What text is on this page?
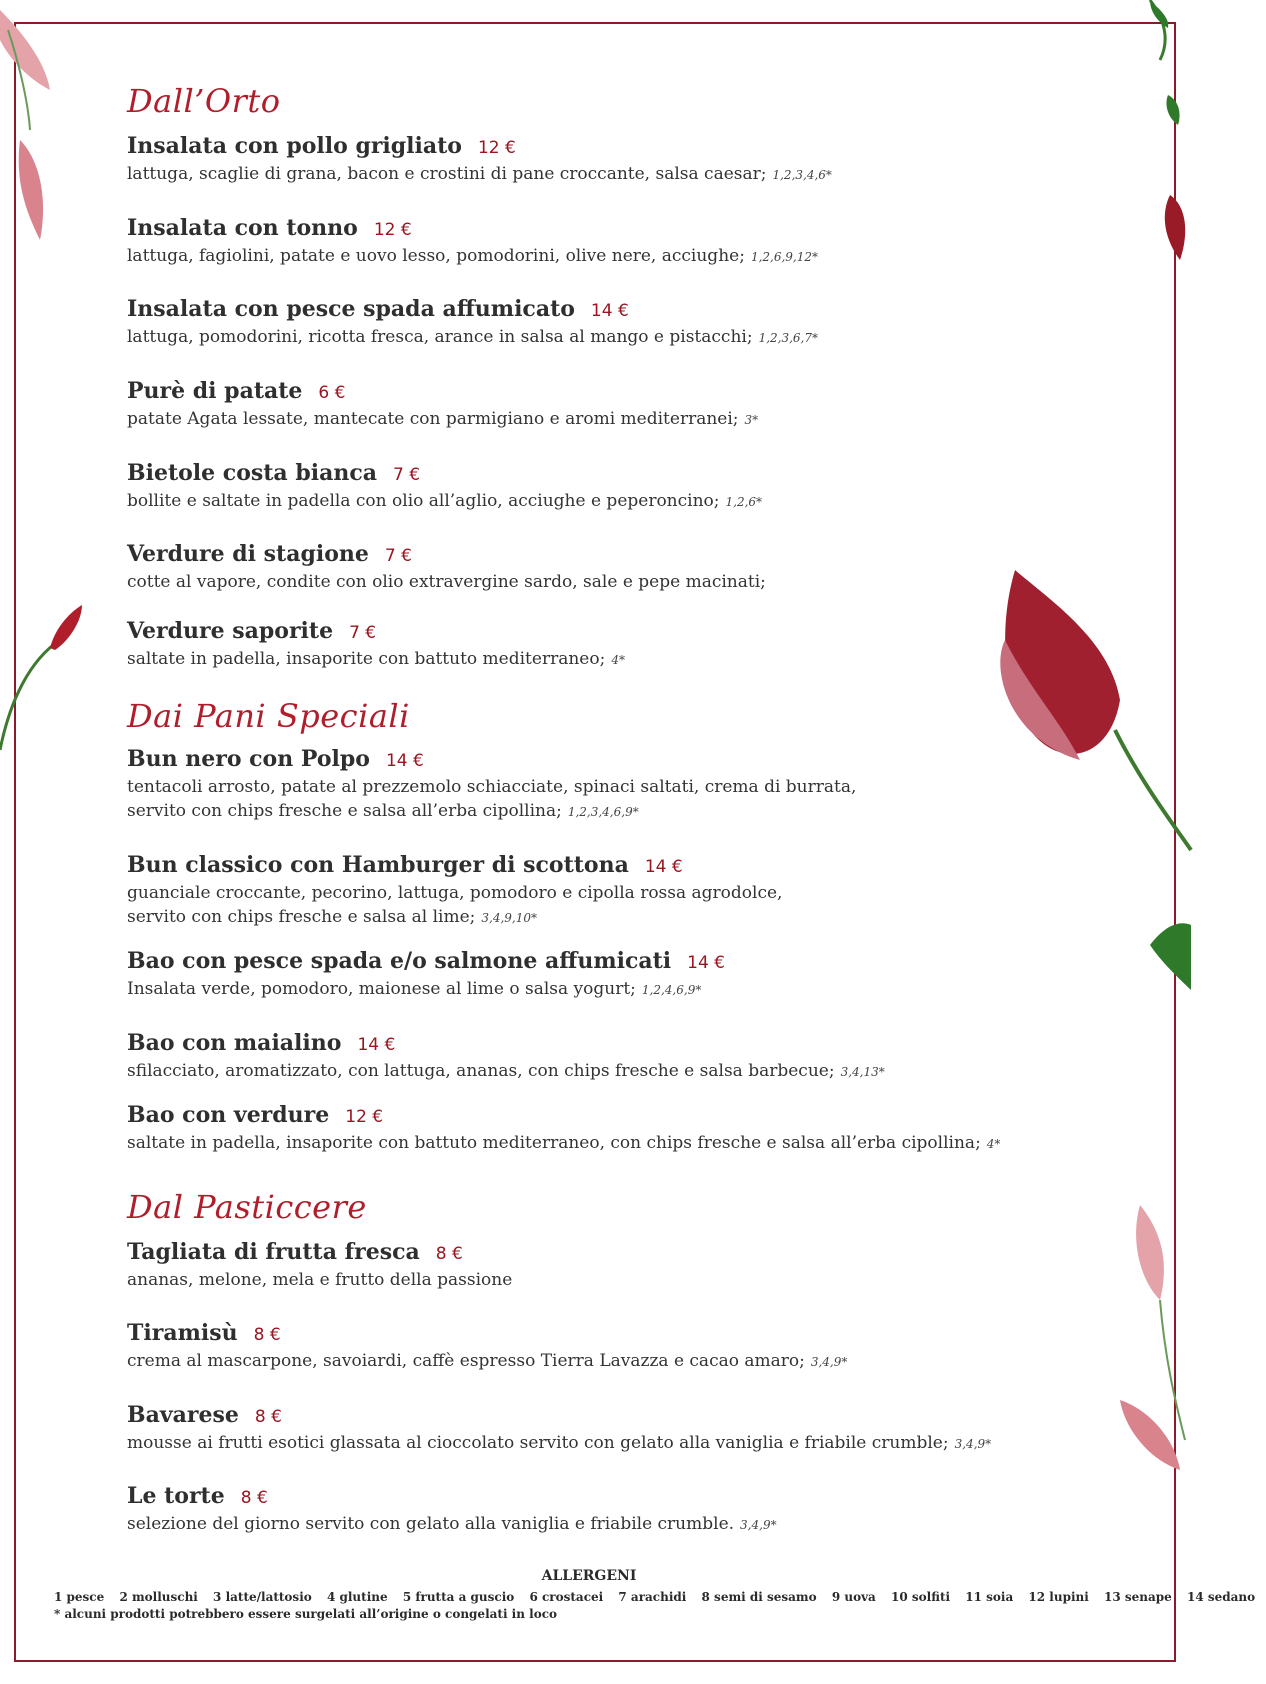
Dall’Orto
Insalata con pollo grigliato 12 €
lattuga, scaglie di grana, bacon e crostini di pane croccante, salsa caesar; 1,2,3,4,6*
Insalata con tonno 12 €
lattuga, fagiolini, patate e uovo lesso, pomodorini, olive nere, acciughe; 1,2,6,9,12*
Insalata con pesce spada affumicato 14 €
lattuga, pomodorini, ricotta fresca, arance in salsa al mango e pistacchi; 1,2,3,6,7*
Purè di patate 6 €
patate Agata lessate, mantecate con parmigiano e aromi mediterranei; 3*
Bietole costa bianca 7 €
bollite e saltate in padella con olio all’aglio, acciughe e peperoncino; 1,2,6*
Verdure di stagione 7 €
cotte al vapore, condite con olio extravergine sardo, sale e pepe macinati;
Verdure saporite 7 €
saltate in padella, insaporite con battuto mediterraneo; 4*
Dai Pani Speciali
Bun nero con Polpo 14 €
tentacoli arrosto, patate al prezzemolo schiacciate, spinaci saltati, crema di burrata,
servito con chips fresche e salsa all’erba cipollina; 1,2,3,4,6,9*
Bun classico con Hamburger di scottona 14 €
guanciale croccante, pecorino, lattuga, pomodoro e cipolla rossa agrodolce,
servito con chips fresche e salsa al lime; 3,4,9,10*
Bao con pesce spada e/o salmone affumicati 14 €
Insalata verde, pomodoro, maionese al lime o salsa yogurt; 1,2,4,6,9*
Bao con maialino 14 €
sfilacciato, aromatizzato, con lattuga, ananas, con chips fresche e salsa barbecue; 3,4,13*
Bao con verdure 12 €
saltate in padella, insaporite con battuto mediterraneo, con chips fresche e salsa all’erba cipollina; 4*
Dal Pasticcere
Tagliata di frutta fresca 8 €
ananas, melone, mela e frutto della passione
Tiramisù 8 €
crema al mascarpone, savoiardi, caffè espresso Tierra Lavazza e cacao amaro; 3,4,9*
Bavarese 8 €
mousse ai frutti esotici glassata al cioccolato servito con gelato alla vaniglia e friabile crumble; 3,4,9*
Le torte 8 €
selezione del giorno servito con gelato alla vaniglia e friabile crumble. 3,4,9*
ALLERGENI
1 pesce 2 molluschi 3 latte/lattosio 4 glutine 5 frutta a guscio 6 crostacei 7 arachidi 8 semi di sesamo 9 uova 10 solfiti 11 soia 12 lupini 13 senape 14 sedano
* alcuni prodotti potrebbero essere surgelati all’origine o congelati in loco
